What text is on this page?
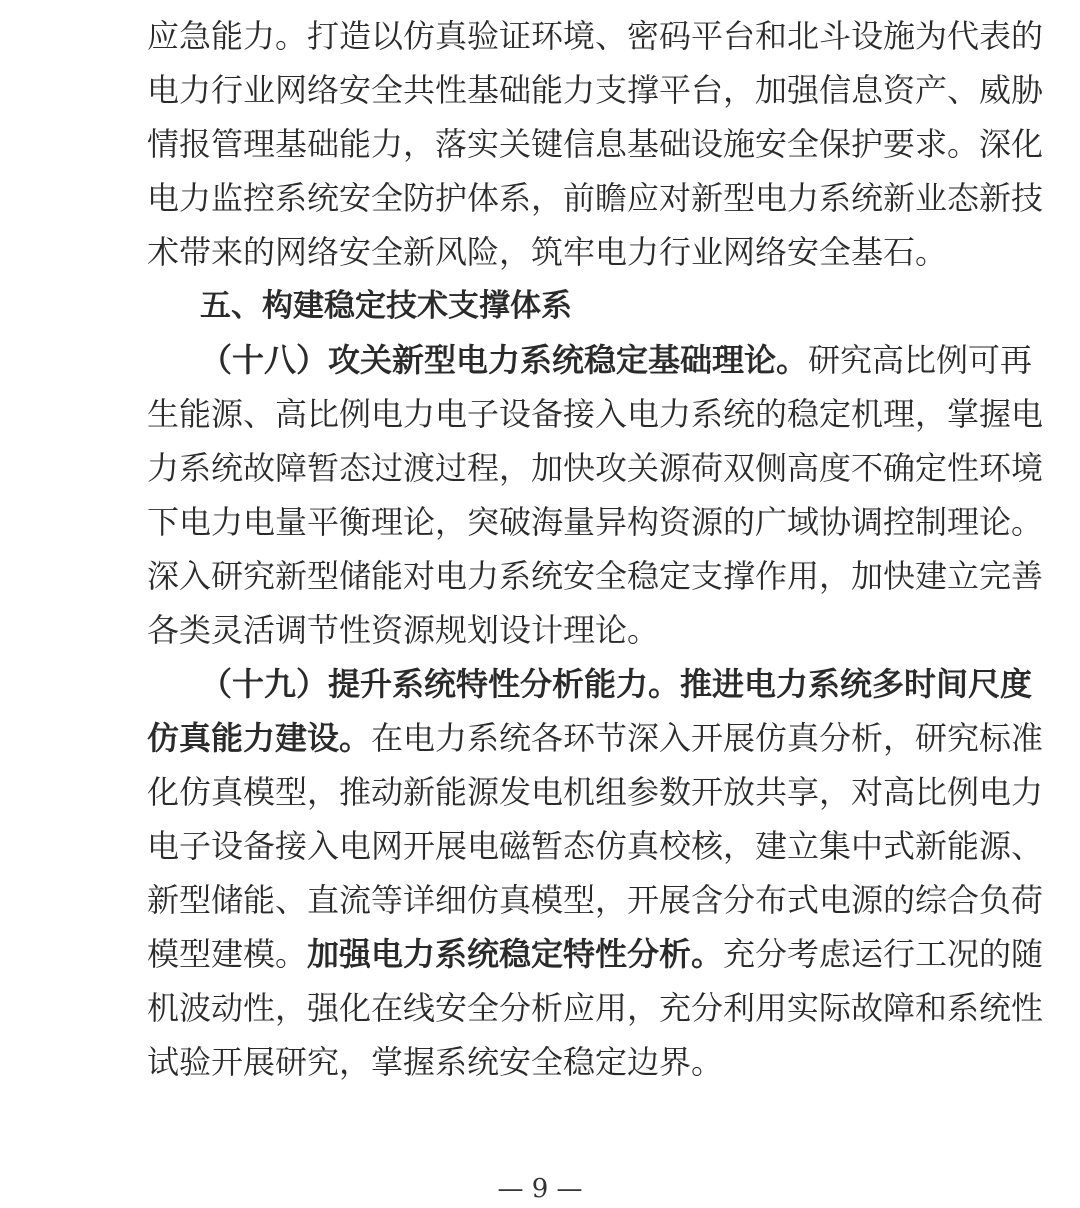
应急能力。打造以仿真验证环境、密码平台和北斗设施为代表的
电力行业网络安全共性基础能力支撑平台，加强信息资产、威胁
情报管理基础能力，落实关键信息基础设施安全保护要求。深化
电力监控系统安全防护体系，前瞻应对新型电力系统新业态新技
术带来的网络安全新风险，筑牢电力行业网络安全基石。
五、构建稳定技术支撑体系
（十八）攻关新型电力系统稳定基础理论。研究高比例可再
生能源、高比例电力电子设备接入电力系统的稳定机理，掌握电
力系统故障暂态过渡过程，加快攻关源荷双侧高度不确定性环境
下电力电量平衡理论，突破海量异构资源的广域协调控制理论。
深入研究新型储能对电力系统安全稳定支撑作用，加快建立完善
各类灵活调节性资源规划设计理论。
（十九）提升系统特性分析能力。推进电力系统多时间尺度
仿真能力建设。在电力系统各环节深入开展仿真分析，研究标准
化仿真模型，推动新能源发电机组参数开放共享，对高比例电力
电子设备接入电网开展电磁暂态仿真校核，建立集中式新能源、
新型储能、直流等详细仿真模型，开展含分布式电源的综合负荷
模型建模。加强电力系统稳定特性分析。充分考虑运行工况的随
机波动性，强化在线安全分析应用，充分利用实际故障和系统性
试验开展研究，掌握系统安全稳定边界。
— 9 —
